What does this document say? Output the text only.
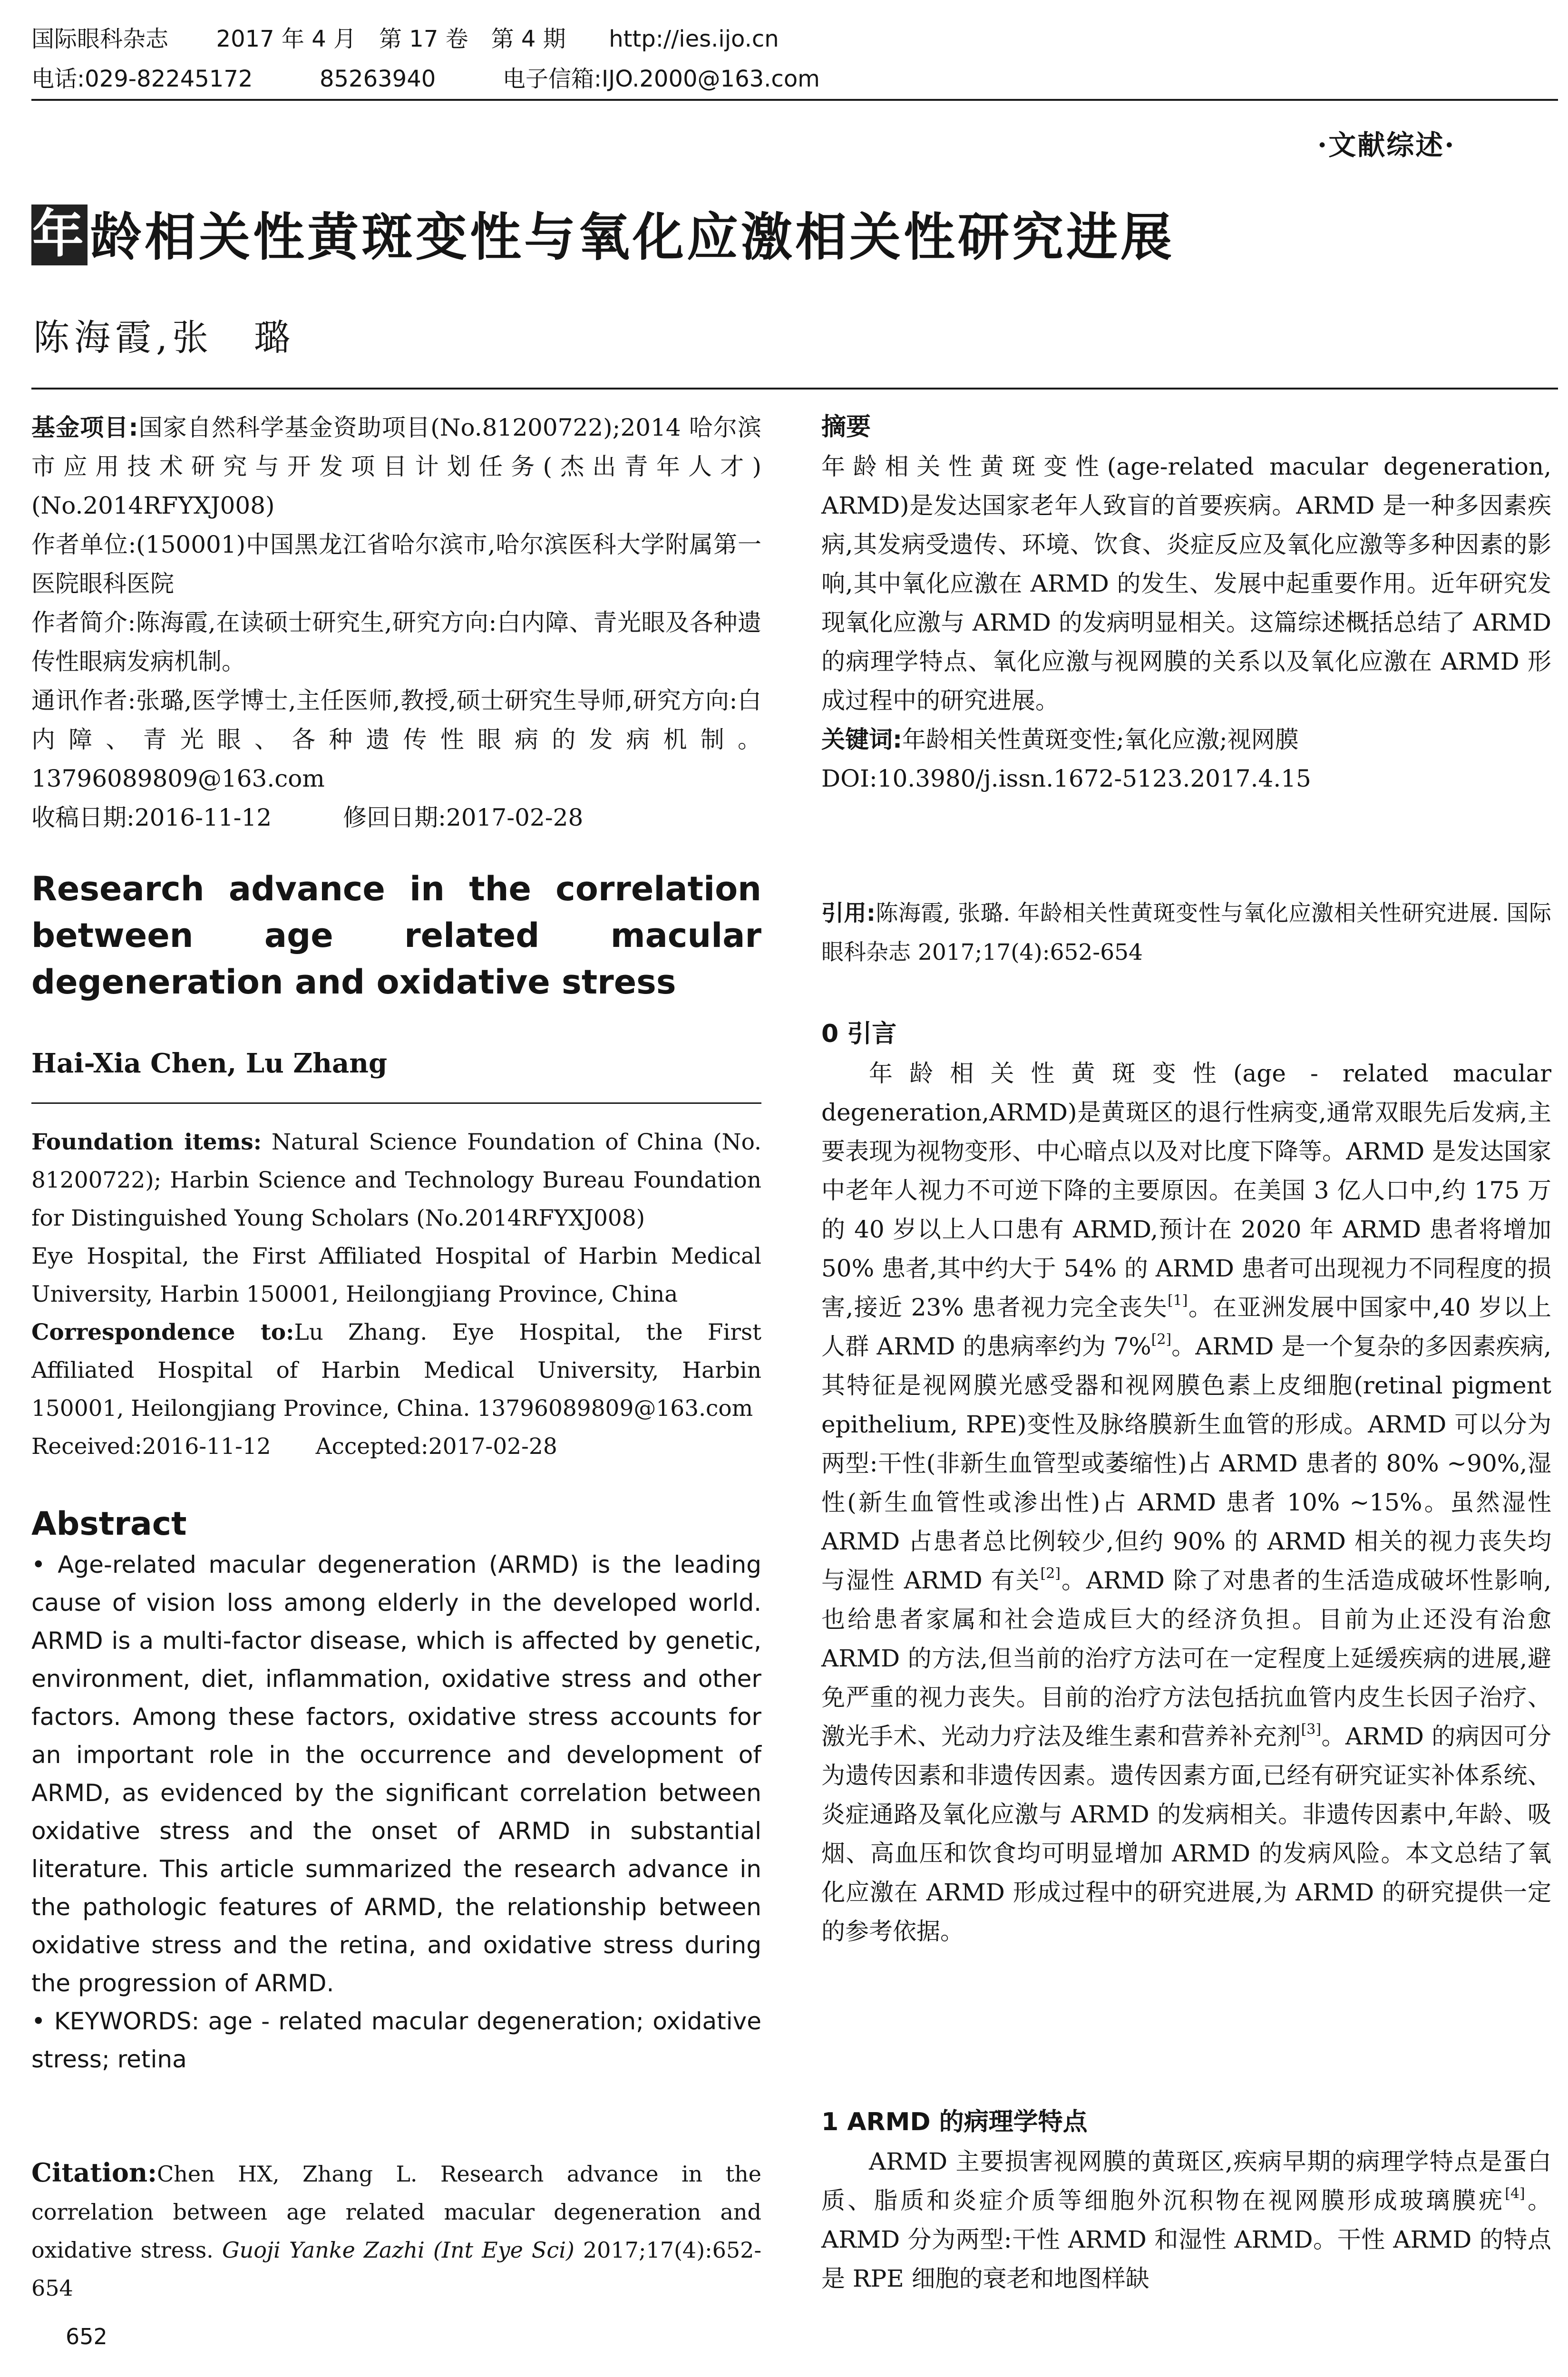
国际眼科杂志 2017 年 4 月　第 17 卷　第 4 期 http://ies.ijo.cn
电话:029-82245172	85263940	电子信箱:IJO.2000@163.com
·文献综述·
年龄相关性黄斑变性与氧化应激相关性研究进展
陈海霞,张　璐

基金项目:国家自然科学基金资助项目(No.81200722);2014 哈尔滨市应用技术研究与开发项目计划任务(杰出青年人才)(No.2014RFYXJ008)

作者单位:(150001)中国黑龙江省哈尔滨市,哈尔滨医科大学附属第一医院眼科医院

作者简介:陈海霞,在读硕士研究生,研究方向:白内障、青光眼及各种遗传性眼病发病机制。

通讯作者:张璐,医学博士,主任医师,教授,硕士研究生导师,研究方向:白内障、青光眼、各种遗传性眼病的发病机制。13796089809@163.com

收稿日期:2016-11-12　　　修回日期:2017-02-28

Research advance in the correlation between age related macular degeneration and oxidative stress
Hai-Xia Chen, Lu Zhang

Foundation items: Natural Science Foundation of China (No. 81200722); Harbin Science and Technology Bureau Foundation for Distinguished Young Scholars (No.2014RFYXJ008)

Eye Hospital, the First Affiliated Hospital of Harbin Medical University, Harbin 150001, Heilongjiang Province, China

Correspondence to:Lu Zhang. Eye Hospital, the First Affiliated Hospital of Harbin Medical University, Harbin 150001, Heilongjiang Province, China. 13796089809@163.com

Received:2016-11-12　　Accepted:2017-02-28

Abstract
• Age-related macular degeneration (ARMD) is the leading cause of vision loss among elderly in the developed world. ARMD is a multi-factor disease, which is affected by genetic, environment, diet, inflammation, oxidative stress and other factors. Among these factors, oxidative stress accounts for an important role in the occurrence and development of ARMD, as evidenced by the significant correlation between oxidative stress and the onset of ARMD in substantial literature. This article summarized the research advance in the pathologic features of ARMD, the relationship between oxidative stress and the retina, and oxidative stress during the progression of ARMD.
• KEYWORDS: age - related macular degeneration; oxidative stress; retina
Citation:Chen HX, Zhang L. Research advance in the correlation between age related macular degeneration and oxidative stress. Guoji Yanke Zazhi (Int Eye Sci) 2017;17(4):652-654
652
摘要

年龄相关性黄斑变性(age-related macular degeneration, ARMD)是发达国家老年人致盲的首要疾病。ARMD 是一种多因素疾病,其发病受遗传、环境、饮食、炎症反应及氧化应激等多种因素的影响,其中氧化应激在 ARMD 的发生、发展中起重要作用。近年研究发现氧化应激与 ARMD 的发病明显相关。这篇综述概括总结了 ARMD 的病理学特点、氧化应激与视网膜的关系以及氧化应激在 ARMD 形成过程中的研究进展。

关键词:年龄相关性黄斑变性;氧化应激;视网膜

DOI:10.3980/j.issn.1672-5123.2017.4.15

引用:陈海霞, 张璐. 年龄相关性黄斑变性与氧化应激相关性研究进展. 国际眼科杂志 2017;17(4):652-654
0 引言

年龄相关性黄斑变性(age - related macular degeneration,ARMD)是黄斑区的退行性病变,通常双眼先后发病,主要表现为视物变形、中心暗点以及对比度下降等。ARMD 是发达国家中老年人视力不可逆下降的主要原因。在美国 3 亿人口中,约 175 万的 40 岁以上人口患有 ARMD,预计在 2020 年 ARMD 患者将增加 50% 患者,其中约大于 54% 的 ARMD 患者可出现视力不同程度的损害,接近 23% 患者视力完全丧失[1]。在亚洲发展中国家中,40 岁以上人群 ARMD 的患病率约为 7%[2]。ARMD 是一个复杂的多因素疾病,其特征是视网膜光感受器和视网膜色素上皮细胞(retinal pigment epithelium, RPE)变性及脉络膜新生血管的形成。ARMD 可以分为两型:干性(非新生血管型或萎缩性)占 ARMD 患者的 80% ~90%,湿性(新生血管性或渗出性)占 ARMD 患者 10% ~15%。虽然湿性 ARMD 占患者总比例较少,但约 90% 的 ARMD 相关的视力丧失均与湿性 ARMD 有关[2]。ARMD 除了对患者的生活造成破坏性影响,也给患者家属和社会造成巨大的经济负担。目前为止还没有治愈 ARMD 的方法,但当前的治疗方法可在一定程度上延缓疾病的进展,避免严重的视力丧失。目前的治疗方法包括抗血管内皮生长因子治疗、激光手术、光动力疗法及维生素和营养补充剂[3]。ARMD 的病因可分为遗传因素和非遗传因素。遗传因素方面,已经有研究证实补体系统、炎症通路及氧化应激与 ARMD 的发病相关。非遗传因素中,年龄、吸烟、高血压和饮食均可明显增加 ARMD 的发病风险。本文总结了氧化应激在 ARMD 形成过程中的研究进展,为 ARMD 的研究提供一定的参考依据。

1 ARMD 的病理学特点

ARMD 主要损害视网膜的黄斑区,疾病早期的病理学特点是蛋白质、脂质和炎症介质等细胞外沉积物在视网膜形成玻璃膜疣[4]。ARMD 分为两型:干性 ARMD 和湿性 ARMD。干性 ARMD 的特点是 RPE 细胞的衰老和地图样缺
